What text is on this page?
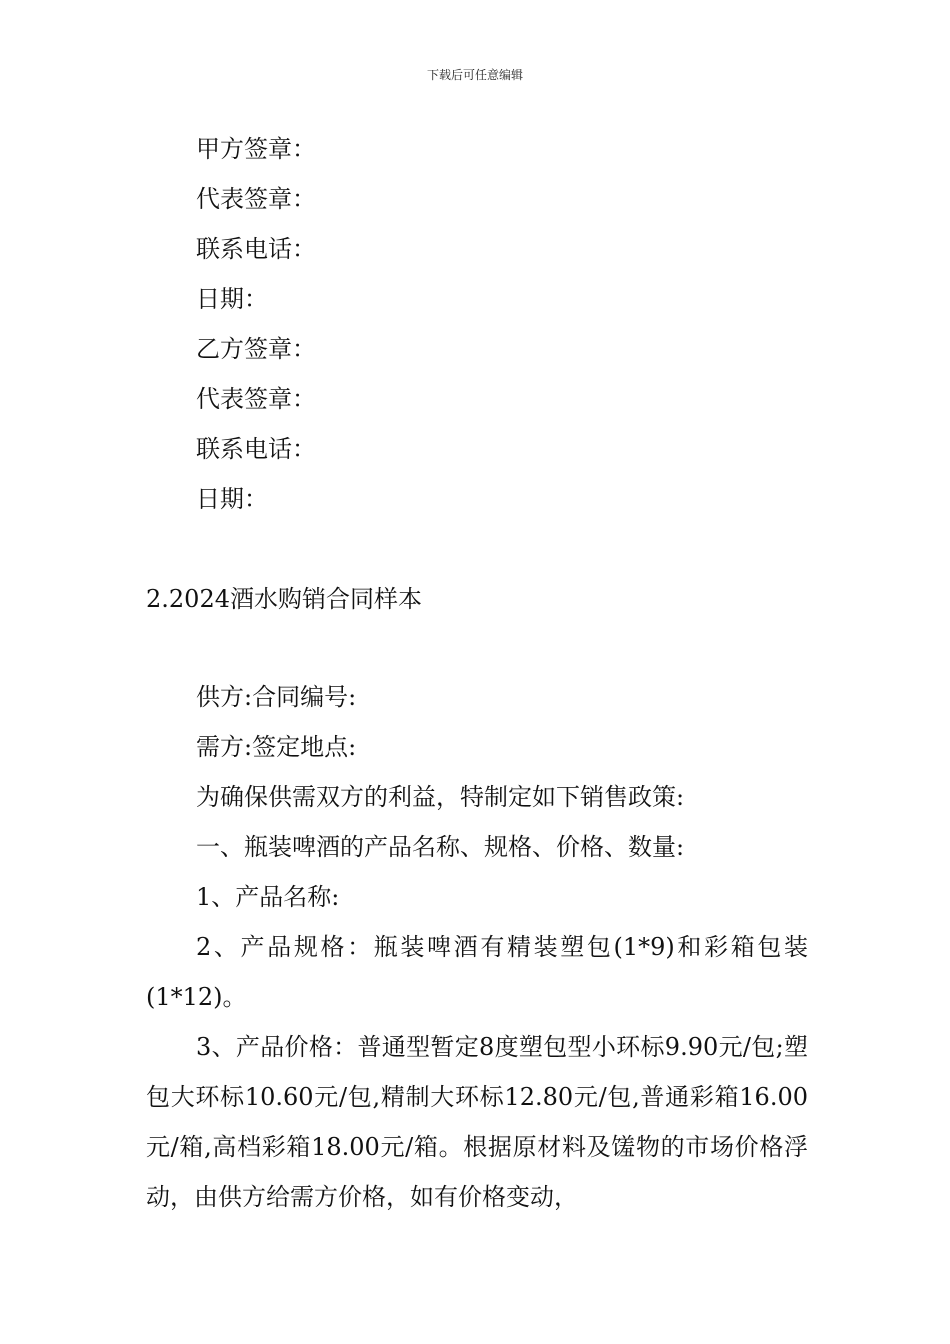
下载后可任意编辑
甲方签章：
代表签章：
联系电话：
日期：
乙方签章：
代表签章：
联系电话：
日期：
2.2024酒水购销合同样本
供方:合同编号:
需方:签定地点:
为确保供需双方的利益，特制定如下销售政策:
一、瓶装啤酒的产品名称、规格、价格、数量:
1、产品名称:
2、产品规格：瓶装啤酒有精装塑包(1*9)和彩箱包装(1*12)。
3、产品价格：普通型暂定8度塑包型小环标9.90元/包;塑包大环标10.60元/包,精制大环标12.80元/包,普通彩箱16.00元/箱,高档彩箱18.00元/箱。根据原材料及馐物的市场价格浮动，由供方给需方价格，如有价格变动，
